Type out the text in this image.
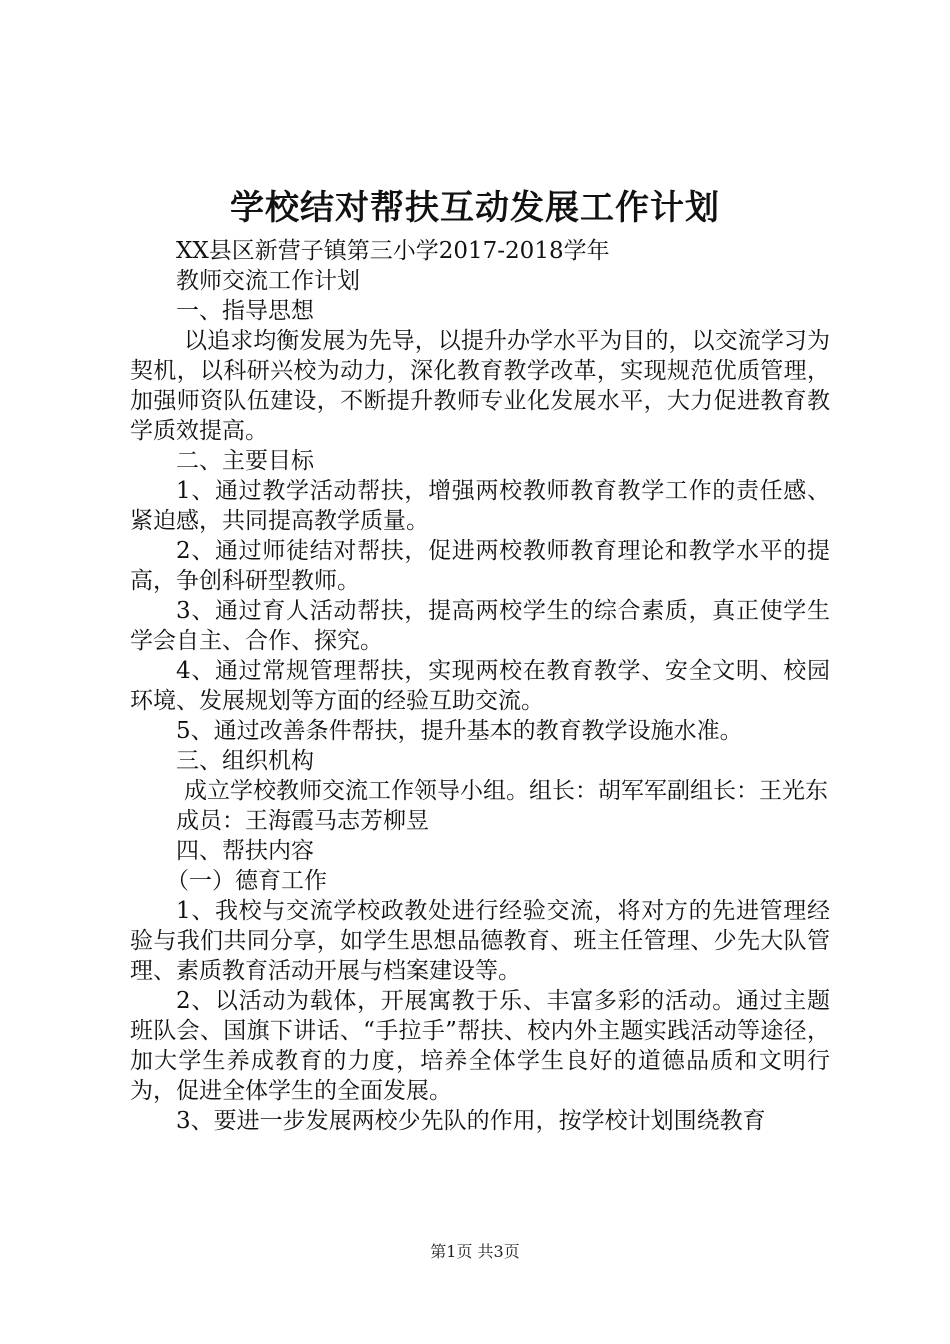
学校结对帮扶互动发展工作计划

XX县区新营子镇第三小学2017-2018学年

教师交流工作计划

一、指导思想

以追求均衡发展为先导，以提升办学水平为目的，以交流学习为契机，以科研兴校为动力，深化教育教学改革，实现规范优质管理，加强师资队伍建设，不断提升教师专业化发展水平，大力促进教育教学质效提高。

二、主要目标

1、通过教学活动帮扶，增强两校教师教育教学工作的责任感、紧迫感，共同提高教学质量。

2、通过师徒结对帮扶，促进两校教师教育理论和教学水平的提高，争创科研型教师。

3、通过育人活动帮扶，提高两校学生的综合素质，真正使学生学会自主、合作、探究。

4、通过常规管理帮扶，实现两校在教育教学、安全文明、校园环境、发展规划等方面的经验互助交流。

5、通过改善条件帮扶，提升基本的教育教学设施水准。

三、组织机构

成立学校教师交流工作领导小组。组长：胡军军副组长：王光东

成员：王海霞马志芳柳昱

四、帮扶内容

（一）德育工作

1、我校与交流学校政教处进行经验交流，将对方的先进管理经验与我们共同分享，如学生思想品德教育、班主任管理、少先大队管理、素质教育活动开展与档案建设等。

2、以活动为载体，开展寓教于乐、丰富多彩的活动。通过主题班队会、国旗下讲话、“手拉手”帮扶、校内外主题实践活动等途径，加大学生养成教育的力度，培养全体学生良好的道德品质和文明行为，促进全体学生的全面发展。

3、要进一步发展两校少先队的作用，按学校计划围绕教育

第1页 共3页
